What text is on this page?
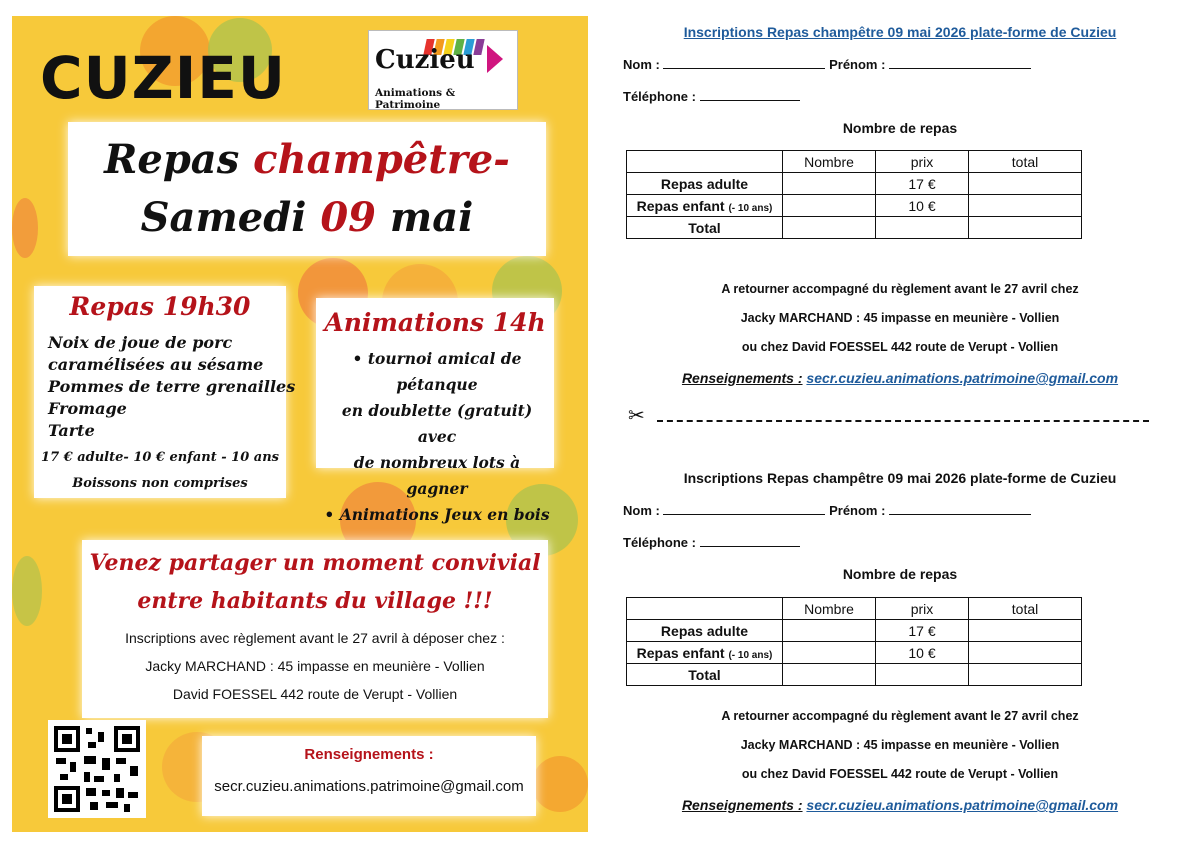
CUZIEU	Cuzieu
Animations & Patrimoine
Repas champêtre-
Samedi 09 mai
Repas 19h30
Noix de joue de porc
caramélisées au sésame
Pommes de terre grenailles
Fromage
Tarte
17 € adulte- 10 € enfant - 10 ans
Boissons non comprises
Animations 14h
• tournoi amical de pétanque
en doublette (gratuit) avec
de nombreux lots à gagner
• Animations Jeux en bois
Venez partager un moment convivial
entre habitants du village !!!
Inscriptions avec règlement avant le 27 avril à déposer chez :
Jacky MARCHAND : 45 impasse en meunière - Vollien
David FOESSEL 442 route de Verupt - Vollien
Renseignements :
secr.cuzieu.animations.patrimoine@gmail.com
Inscriptions Repas champêtre 09 mai 2026 plate-forme de Cuzieu
Nom :	Prénom :
Téléphone :
Nombre de repas
	Nombre	prix	total
Repas adulte		17 €	
Repas enfant (- 10 ans)		10 €	
Total			
A retourner accompagné du règlement avant le 27 avril chez
Jacky MARCHAND : 45 impasse en meunière - Vollien
ou chez David FOESSEL 442 route de Verupt - Vollien
Renseignements : secr.cuzieu.animations.patrimoine@gmail.com
✂
Inscriptions Repas champêtre 09 mai 2026 plate-forme de Cuzieu
Nom :	Prénom :
Téléphone :
Nombre de repas
	Nombre	prix	total
Repas adulte		17 €	
Repas enfant (- 10 ans)		10 €	
Total			
A retourner accompagné du règlement avant le 27 avril chez
Jacky MARCHAND : 45 impasse en meunière - Vollien
ou chez David FOESSEL 442 route de Verupt - Vollien
Renseignements : secr.cuzieu.animations.patrimoine@gmail.com
